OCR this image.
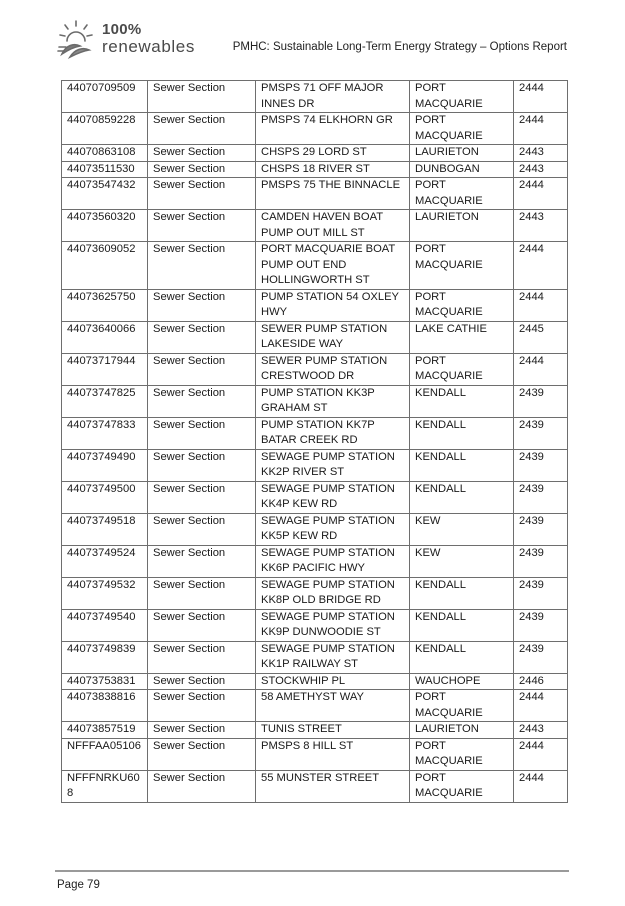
100%
renewables	PMHC: Sustainable Long-Term Energy Strategy – Options Report
44070709509	Sewer Section	PMSPS 71 OFF MAJOR INNES DR	PORT MACQUARIE	2444
44070859228	Sewer Section	PMSPS 74 ELKHORN GR	PORT MACQUARIE	2444
44070863108	Sewer Section	CHSPS 29 LORD ST	LAURIETON	2443
44073511530	Sewer Section	CHSPS 18 RIVER ST	DUNBOGAN	2443
44073547432	Sewer Section	PMSPS 75 THE BINNACLE	PORT MACQUARIE	2444
44073560320	Sewer Section	CAMDEN HAVEN BOAT PUMP OUT MILL ST	LAURIETON	2443
44073609052	Sewer Section	PORT MACQUARIE BOAT PUMP OUT END HOLLINGWORTH ST	PORT MACQUARIE	2444
44073625750	Sewer Section	PUMP STATION 54 OXLEY HWY	PORT MACQUARIE	2444
44073640066	Sewer Section	SEWER PUMP STATION LAKESIDE WAY	LAKE CATHIE	2445
44073717944	Sewer Section	SEWER PUMP STATION CRESTWOOD DR	PORT MACQUARIE	2444
44073747825	Sewer Section	PUMP STATION KK3P GRAHAM ST	KENDALL	2439
44073747833	Sewer Section	PUMP STATION KK7P BATAR CREEK RD	KENDALL	2439
44073749490	Sewer Section	SEWAGE PUMP STATION KK2P RIVER ST	KENDALL	2439
44073749500	Sewer Section	SEWAGE PUMP STATION KK4P KEW RD	KENDALL	2439
44073749518	Sewer Section	SEWAGE PUMP STATION KK5P KEW RD	KEW	2439
44073749524	Sewer Section	SEWAGE PUMP STATION KK6P PACIFIC HWY	KEW	2439
44073749532	Sewer Section	SEWAGE PUMP STATION KK8P OLD BRIDGE RD	KENDALL	2439
44073749540	Sewer Section	SEWAGE PUMP STATION KK9P DUNWOODIE ST	KENDALL	2439
44073749839	Sewer Section	SEWAGE PUMP STATION KK1P RAILWAY ST	KENDALL	2439
44073753831	Sewer Section	STOCKWHIP PL	WAUCHOPE	2446
44073838816	Sewer Section	58 AMETHYST WAY	PORT MACQUARIE	2444
44073857519	Sewer Section	TUNIS STREET	LAURIETON	2443
NFFFAA05106	Sewer Section	PMSPS 8 HILL ST	PORT MACQUARIE	2444
NFFFNRKU608	Sewer Section	55 MUNSTER STREET	PORT MACQUARIE	2444
Page 79
